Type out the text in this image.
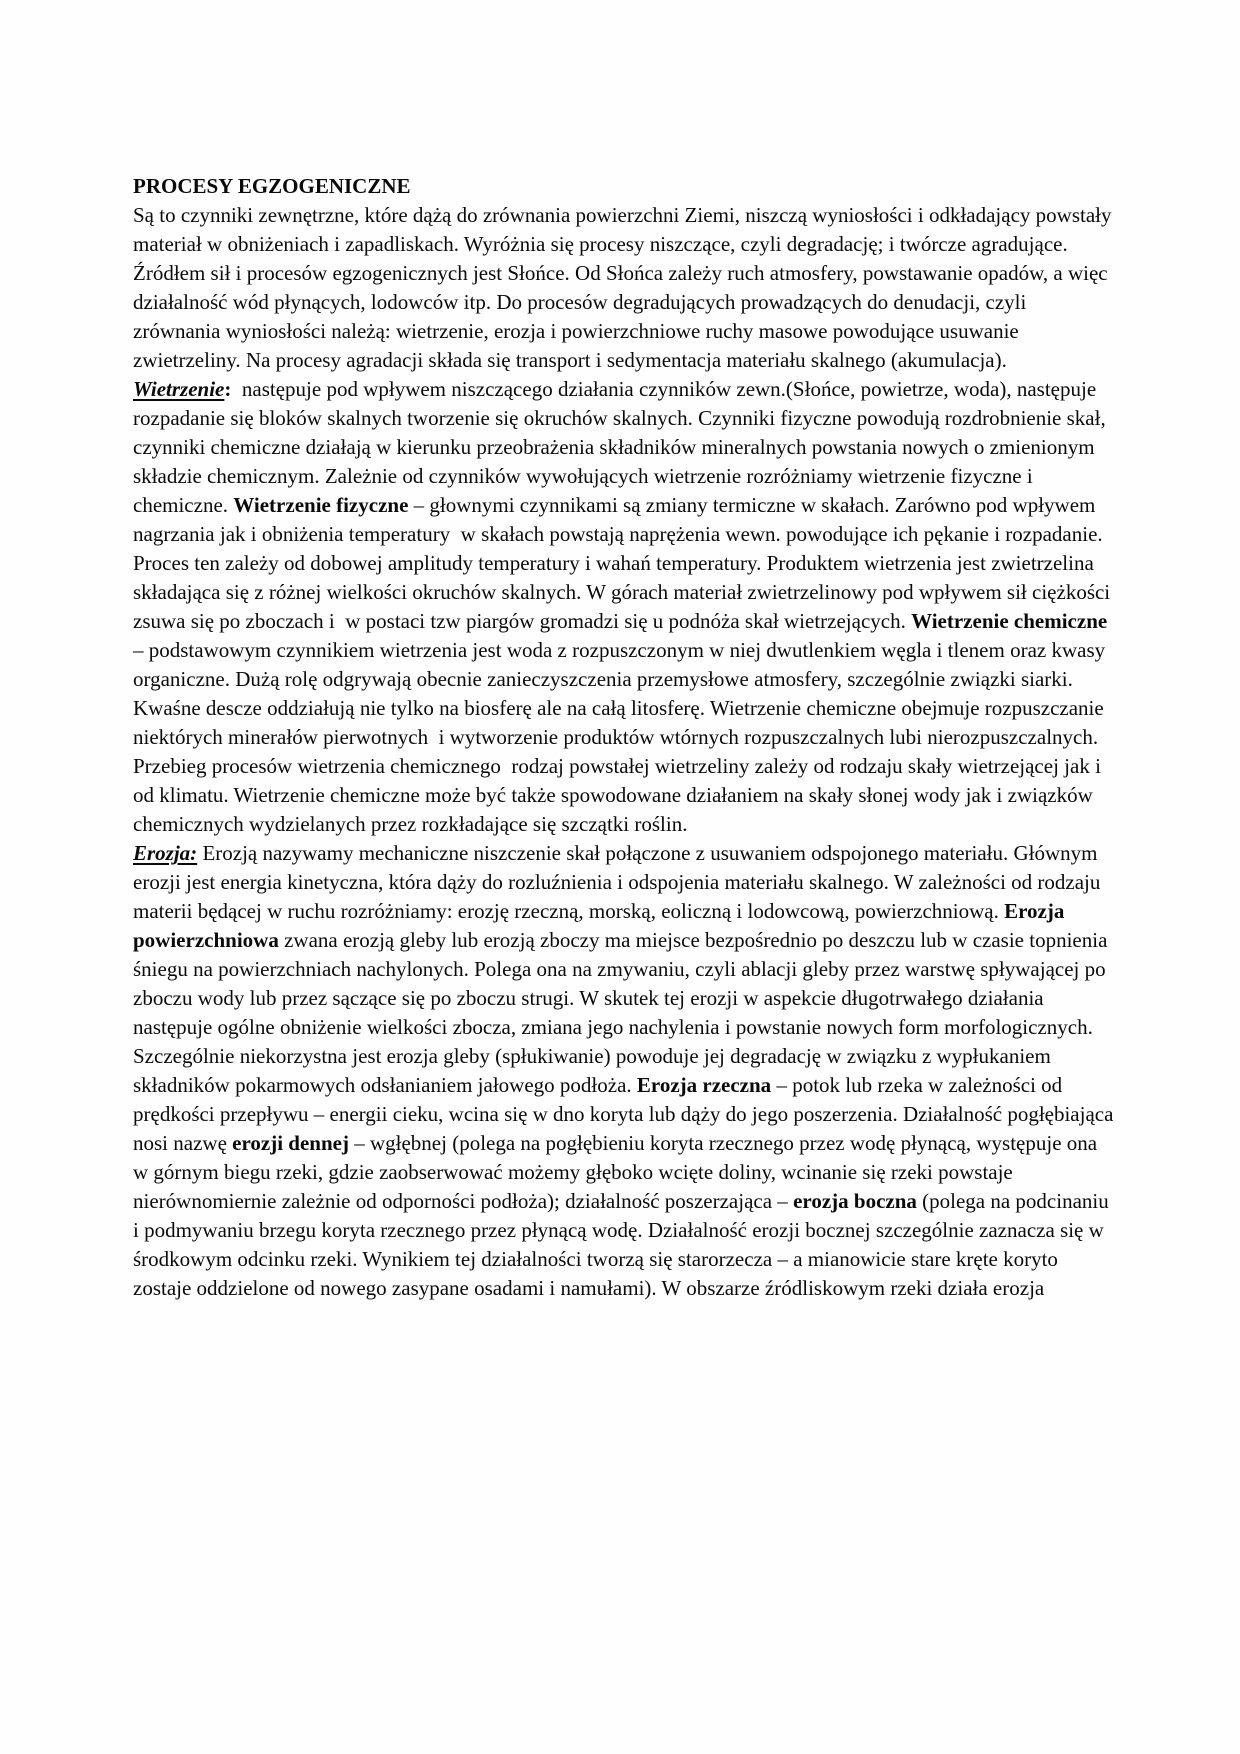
PROCESY EGZOGENICZNE

Są to czynniki zewnętrzne, które dążą do zrównania powierzchni Ziemi, niszczą wyniosłości i odkładający powstały materiał w obniżeniach i zapadliskach. Wyróżnia się procesy niszczące, czyli degradację; i twórcze agradujące. Źródłem sił i procesów egzogenicznych jest Słońce. Od Słońca zależy ruch atmosfery, powstawanie opadów, a więc działalność wód płynących, lodowców itp. Do procesów degradujących prowadzących do denudacji, czyli zrównania wyniosłości należą: wietrzenie, erozja i powierzchniowe ruchy masowe powodujące usuwanie zwietrzeliny. Na procesy agradacji składa się transport i sedymentacja materiału skalnego (akumulacja).

Wietrzenie:  następuje pod wpływem niszczącego działania czynników zewn.(Słońce, powietrze, woda), następuje rozpadanie się bloków skalnych tworzenie się okruchów skalnych. Czynniki fizyczne powodują rozdrobnienie skał, czynniki chemiczne działają w kierunku przeobrażenia składników mineralnych powstania nowych o zmienionym składzie chemicznym. Zależnie od czynników wywołujących wietrzenie rozróżniamy wietrzenie fizyczne i chemiczne. Wietrzenie fizyczne – głownymi czynnikami są zmiany termiczne w skałach. Zarówno pod wpływem nagrzania jak i obniżenia temperatury  w skałach powstają naprężenia wewn. powodujące ich pękanie i rozpadanie. Proces ten zależy od dobowej amplitudy temperatury i wahań temperatury. Produktem wietrzenia jest zwietrzelina składająca się z różnej wielkości okruchów skalnych. W górach materiał zwietrzelinowy pod wpływem sił ciężkości zsuwa się po zboczach i  w postaci tzw piargów gromadzi się u podnóża skał wietrzejących. Wietrzenie chemiczne – podstawowym czynnikiem wietrzenia jest woda z rozpuszczonym w niej dwutlenkiem węgla i tlenem oraz kwasy organiczne. Dużą rolę odgrywają obecnie zanieczyszczenia przemysłowe atmosfery, szczególnie związki siarki. Kwaśne descze oddziałują nie tylko na biosferę ale na całą litosferę. Wietrzenie chemiczne obejmuje rozpuszczanie niektórych minerałów pierwotnych  i wytworzenie produktów wtórnych rozpuszczalnych lubi nierozpuszczalnych. Przebieg procesów wietrzenia chemicznego  rodzaj powstałej wietrzeliny zależy od rodzaju skały wietrzejącej jak i od klimatu. Wietrzenie chemiczne może być także spowodowane działaniem na skały słonej wody jak i związków chemicznych wydzielanych przez rozkładające się szczątki roślin.

Erozja: Erozją nazywamy mechaniczne niszczenie skał połączone z usuwaniem odspojonego materiału. Głównym erozji jest energia kinetyczna, która dąży do rozluźnienia i odspojenia materiału skalnego. W zależności od rodzaju materii będącej w ruchu rozróżniamy: erozję rzeczną, morską, eoliczną i lodowcową, powierzchniową. Erozja powierzchniowa zwana erozją gleby lub erozją zboczy ma miejsce bezpośrednio po deszczu lub w czasie topnienia śniegu na powierzchniach nachylonych. Polega ona na zmywaniu, czyli ablacji gleby przez warstwę spływającej po zboczu wody lub przez sączące się po zboczu strugi. W skutek tej erozji w aspekcie długotrwałego działania następuje ogólne obniżenie wielkości zbocza, zmiana jego nachylenia i powstanie nowych form morfologicznych. Szczególnie niekorzystna jest erozja gleby (spłukiwanie) powoduje jej degradację w związku z wypłukaniem składników pokarmowych odsłanianiem jałowego podłoża. Erozja rzeczna – potok lub rzeka w zależności od prędkości przepływu – energii cieku, wcina się w dno koryta lub dąży do jego poszerzenia. Działalność pogłębiająca nosi nazwę erozji dennej – wgłębnej (polega na pogłębieniu koryta rzecznego przez wodę płynącą, występuje ona w górnym biegu rzeki, gdzie zaobserwować możemy głęboko wcięte doliny, wcinanie się rzeki powstaje nierównomiernie zależnie od odporności podłoża); działalność poszerzająca – erozja boczna (polega na podcinaniu i podmywaniu brzegu koryta rzecznego przez płynącą wodę. Działalność erozji bocznej szczególnie zaznacza się w środkowym odcinku rzeki. Wynikiem tej działalności tworzą się starorzecza – a mianowicie stare kręte koryto zostaje oddzielone od nowego zasypane osadami i namułami). W obszarze źródliskowym rzeki działa erozja
